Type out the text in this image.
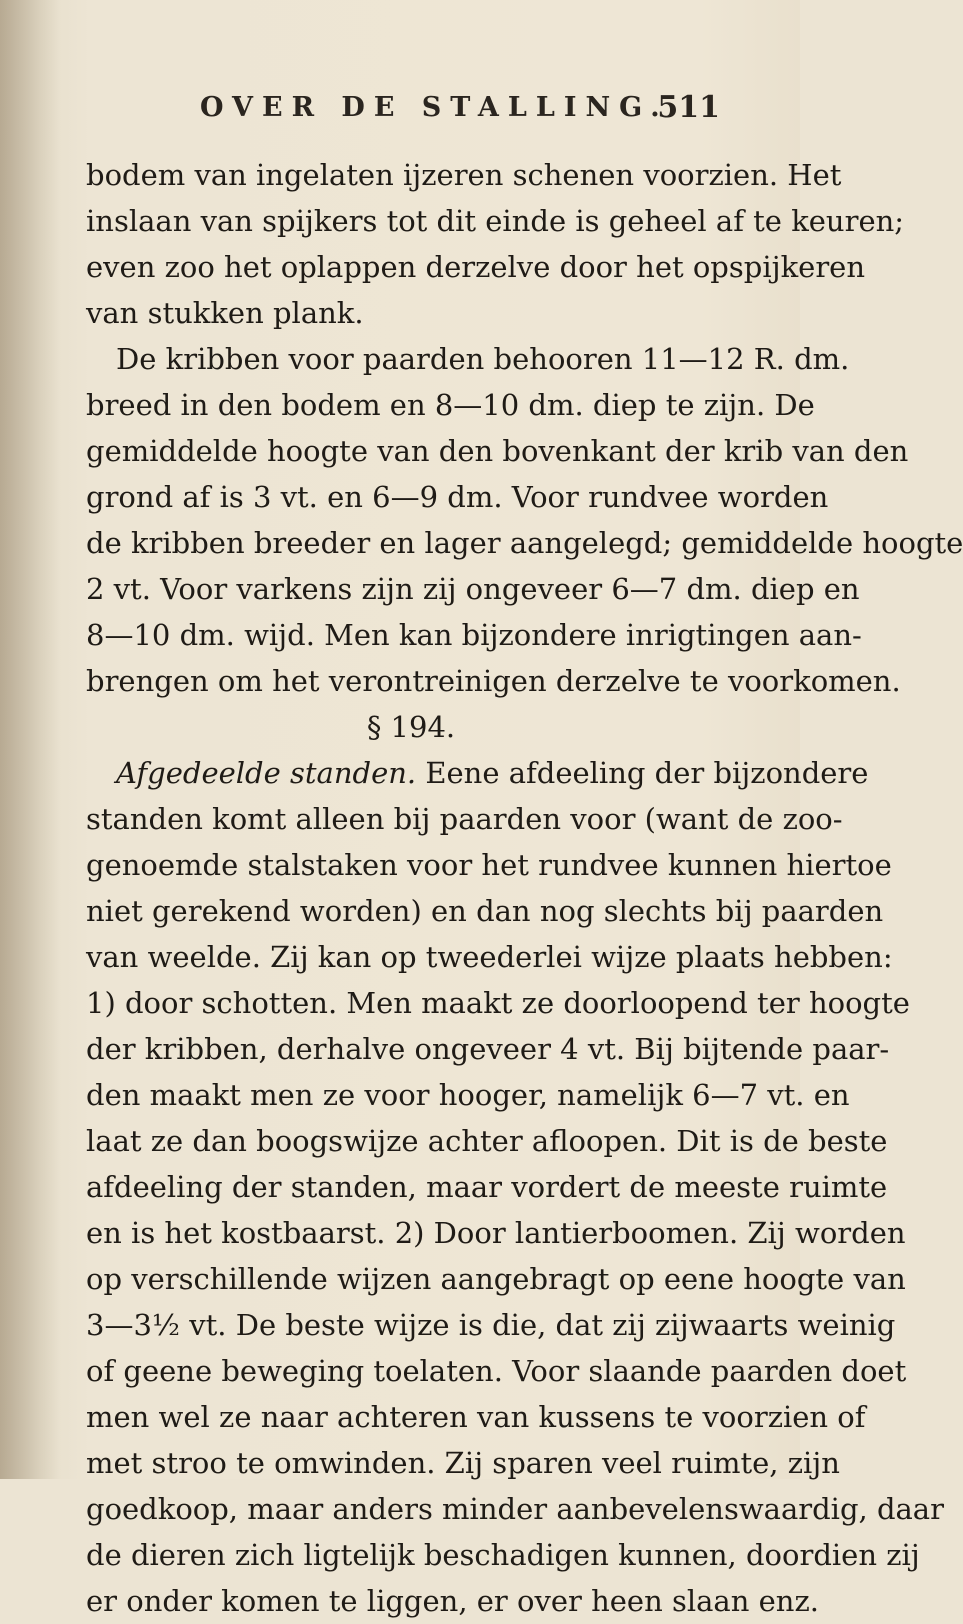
OVER DE STALLING.
511
bodem van ingelaten ijzeren schenen voorzien. Het
inslaan van spijkers tot dit einde is geheel af te keuren;
even zoo het oplappen derzelve door het opspijkeren
van stukken plank.
De kribben voor paarden behooren 11—12 R. dm.
breed in den bodem en 8—10 dm. diep te zijn. De
gemiddelde hoogte van den bovenkant der krib van den
grond af is 3 vt. en 6—9 dm. Voor rundvee worden
de kribben breeder en lager aangelegd; gemiddelde hoogte
2 vt. Voor varkens zijn zij ongeveer 6—7 dm. diep en
8—10 dm. wijd. Men kan bijzondere inrigtingen aan-
brengen om het verontreinigen derzelve te voorkomen.
§ 194.
Afgedeelde standen. Eene afdeeling der bijzondere
standen komt alleen bij paarden voor (want de zoo-
genoemde stalstaken voor het rundvee kunnen hiertoe
niet gerekend worden) en dan nog slechts bij paarden
van weelde. Zij kan op tweederlei wijze plaats hebben:
1) door schotten. Men maakt ze doorloopend ter hoogte
der kribben, derhalve ongeveer 4 vt. Bij bijtende paar-
den maakt men ze voor hooger, namelijk 6—7 vt. en
laat ze dan boogswijze achter afloopen. Dit is de beste
afdeeling der standen, maar vordert de meeste ruimte
en is het kostbaarst. 2) Door lantierboomen. Zij worden
op verschillende wijzen aangebragt op eene hoogte van
3—3½ vt. De beste wijze is die, dat zij zijwaarts weinig
of geene beweging toelaten. Voor slaande paarden doet
men wel ze naar achteren van kussens te voorzien of
met stroo te omwinden. Zij sparen veel ruimte, zijn
goedkoop, maar anders minder aanbevelenswaardig, daar
de dieren zich ligtelijk beschadigen kunnen, doordien zij
er onder komen te liggen, er over heen slaan enz.
